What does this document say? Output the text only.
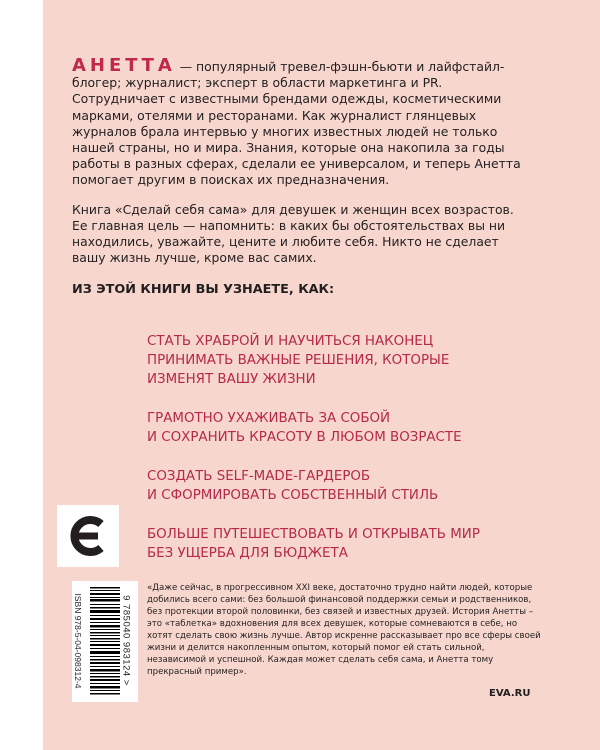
АНЕТТА — популярный тревел-фэшн-бьюти и лайфстайл-блогер; журналист; эксперт в области маркетинга и PR. Сотрудничает с известными брендами одежды, косметическими марками, отелями и ресторанами. Как журналист глянцевых журналов брала интервью у многих известных людей не только нашей страны, но и мира. Знания, которые она накопила за годы работы в разных сферах, сделали ее универсалом, и теперь Анетта помогает другим в поисках их предназначения.

Книга «Сделай себя сама» для девушек и женщин всех возрастов. Ее главная цель — напомнить: в каких бы обстоятельствах вы ни находились, уважайте, цените и любите себя. Никто не сделает вашу жизнь лучше, кроме вас самих.

ИЗ ЭТОЙ КНИГИ ВЫ УЗНАЕТЕ, КАК:
СТАТЬ ХРАБРОЙ И НАУЧИТЬСЯ НАКОНЕЦ
ПРИНИМАТЬ ВАЖНЫЕ РЕШЕНИЯ, КОТОРЫЕ
ИЗМЕНЯТ ВАШУ ЖИЗНИ
ГРАМОТНО УХАЖИВАТЬ ЗА СОБОЙ
И СОХРАНИТЬ КРАСОТУ В ЛЮБОМ ВОЗРАСТЕ
СОЗДАТЬ SELF-MADE-ГАРДЕРОБ
И СФОРМИРОВАТЬ СОБСТВЕННЫЙ СТИЛЬ
БОЛЬШЕ ПУТЕШЕСТВОВАТЬ И ОТКРЫВАТЬ МИР
БЕЗ УЩЕРБА ДЛЯ БЮДЖЕТА
ISBN 978-5-04-098312-4	9 785040 983124 >
«Даже сейчас, в прогрессивном XXI веке, достаточно трудно найти людей, которые добились всего сами: без большой финансовой поддержки семьи и родственников, без протекции второй половинки, без связей и известных друзей. История Анетты – это «таблетка» вдохновения для всех девушек, которые сомневаются в себе, но хотят сделать свою жизнь лучше. Автор искренне рассказывает про все сферы своей жизни и делится накопленным опытом, который помог ей стать сильной, независимой и успешной. Каждая может сделать себя сама, и Анетта тому прекрасный пример».
EVA.RU
